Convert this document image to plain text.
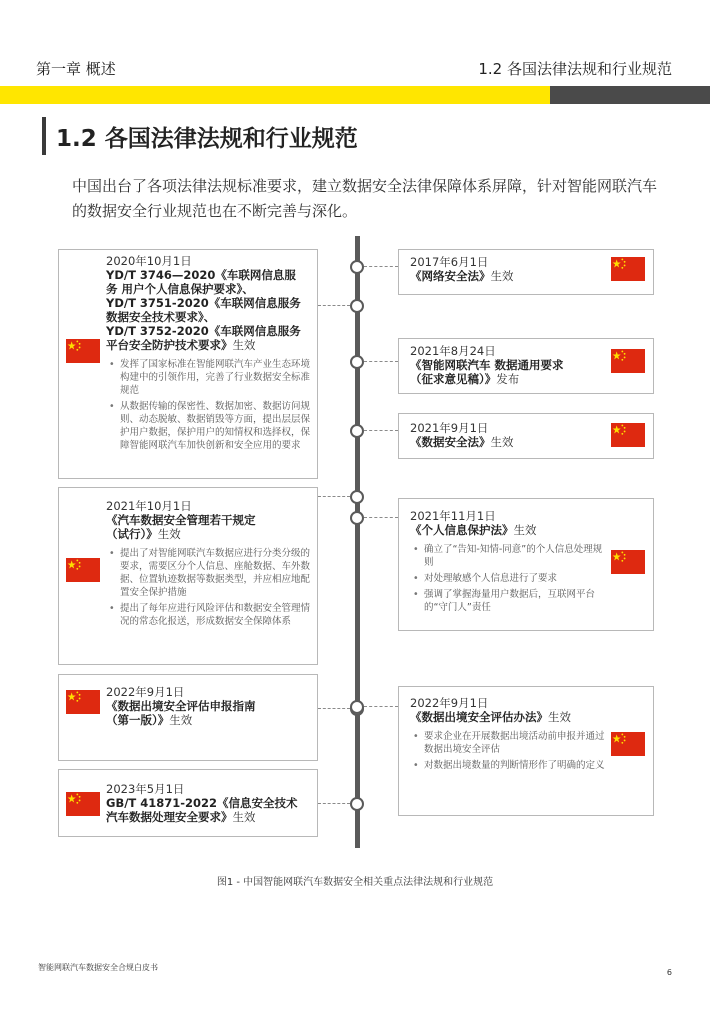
第一章 概述	1.2 各国法律法规和行业规范
1.2 各国法律法规和行业规范
中国出台了各项法律法规标准要求，建立数据安全法律保障体系屏障，针对智能网联汽车的数据安全行业规范也在不断完善与深化。
2020年10月1日
YD/T 3746—2020《车联网信息服
务 用户个人信息保护要求》、
YD/T 3751-2020《车联网信息服务
数据安全技术要求》、
YD/T 3752-2020《车联网信息服务
平台安全防护技术要求》生效
• 发挥了国家标准在智能网联汽车产业生态环境构建中的引领作用，完善了行业数据安全标准规范
• 从数据传输的保密性、数据加密、数据访问规则、动态脱敏、数据销毁等方面，提出层层保护用户数据，保护用户的知情权和选择权，保障智能网联汽车加快创新和安全应用的要求
2021年10月1日
《汽车数据安全管理若干规定
（试行）》生效
• 提出了对智能网联汽车数据应进行分类分级的要求，需要区分个人信息、座舱数据、车外数据、位置轨迹数据等数据类型，并应相应地配置安全保护措施
• 提出了每年应进行风险评估和数据安全管理情况的常态化报送，形成数据安全保障体系
2022年9月1日
《数据出境安全评估申报指南
（第一版）》生效
2023年5月1日
GB/T 41871-2022《信息安全技术
汽车数据处理安全要求》生效
2017年6月1日
《网络安全法》生效
2021年8月24日
《智能网联汽车 数据通用要求
（征求意见稿）》发布
2021年9月1日
《数据安全法》生效
2021年11月1日
《个人信息保护法》生效
• 确立了“告知-知情-同意”的个人信息处理规则
• 对处理敏感个人信息进行了要求
• 强调了掌握海量用户数据后，互联网平台的“守门人”责任
2022年9月1日
《数据出境安全评估办法》生效
• 要求企业在开展数据出境活动前申报并通过数据出境安全评估
• 对数据出境数量的判断情形作了明确的定义
图1 - 中国智能网联汽车数据安全相关重点法律法规和行业规范
智能网联汽车数据安全合规白皮书
6
